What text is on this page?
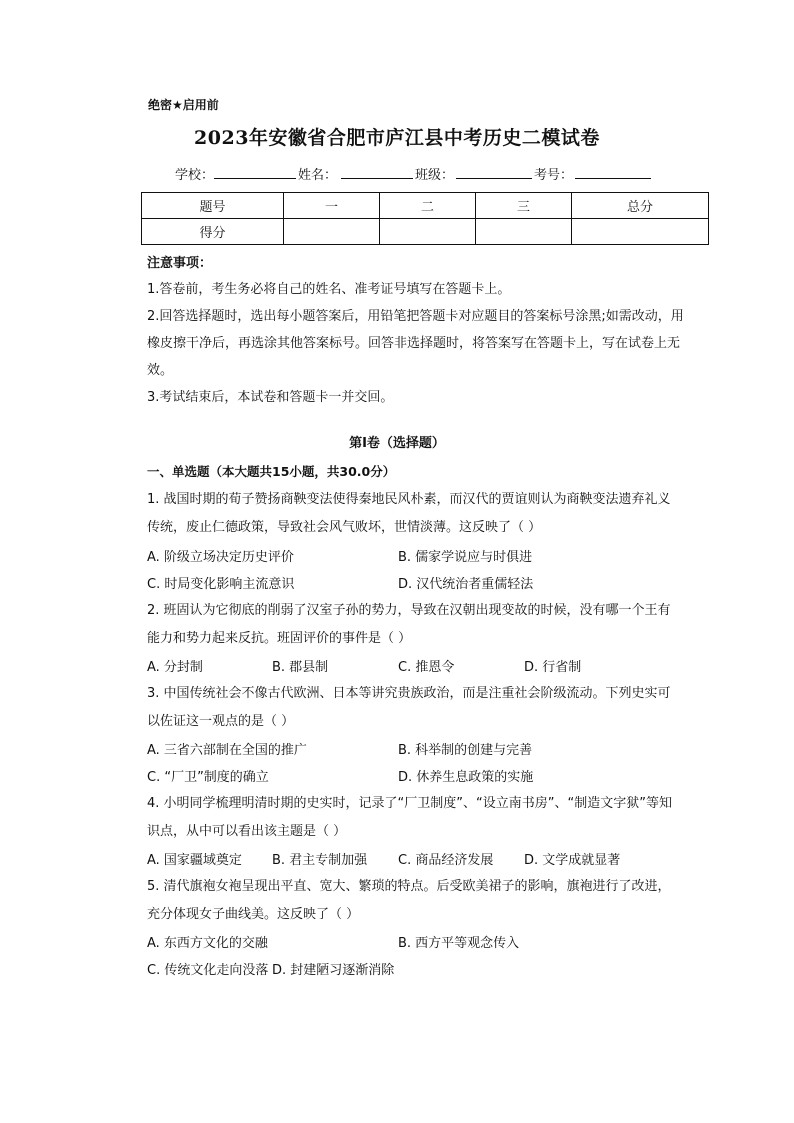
绝密★启用前
2023年安徽省合肥市庐江县中考历史二模试卷
学校：	姓名：	班级：	考号：
题号	一	二	三	总分
得分				
注意事项：
1.答卷前，考生务必将自己的姓名、准考证号填写在答题卡上。
2.回答选择题时，选出每小题答案后，用铅笔把答题卡对应题目的答案标号涂黑;如需改动，用橡皮擦干净后，再选涂其他答案标号。回答非选择题时，将答案写在答题卡上，写在试卷上无效。
3.考试结束后，本试卷和答题卡一并交回。
第I卷（选择题）
一、单选题（本大题共15小题，共30.0分）
1. 战国时期的荀子赞扬商鞅变法使得秦地民风朴素，而汉代的贾谊则认为商鞅变法遗弃礼义传统，废止仁德政策，导致社会风气败坏，世情淡薄。这反映了（ ）
A. 阶级立场决定历史评价	B. 儒家学说应与时俱进
C. 时局变化影响主流意识	D. 汉代统治者重儒轻法
2. 班固认为它彻底的削弱了汉室子孙的势力，导致在汉朝出现变故的时候，没有哪一个王有能力和势力起来反抗。班固评价的事件是（ ）
A. 分封制	B. 郡县制	C. 推恩令	D. 行省制
3. 中国传统社会不像古代欧洲、日本等讲究贵族政治，而是注重社会阶级流动。下列史实可以佐证这一观点的是（ ）
A. 三省六部制在全国的推广	B. 科举制的创建与完善
C. “厂卫”制度的确立	D. 休养生息政策的实施
4. 小明同学梳理明清时期的史实时，记录了“厂卫制度”、“设立南书房”、“制造文字狱”等知识点，从中可以看出该主题是（ ）
A. 国家疆域奠定 B. 君主专制加强 C. 商品经济发展 D. 文学成就显著
5. 清代旗袍女袍呈现出平直、宽大、繁琐的特点。后受欧美裙子的影响，旗袍进行了改进，充分体现女子曲线美。这反映了（ ）
A. 东西方文化的交融	B. 西方平等观念传入
C. 传统文化走向没落 D. 封建陋习逐渐消除
